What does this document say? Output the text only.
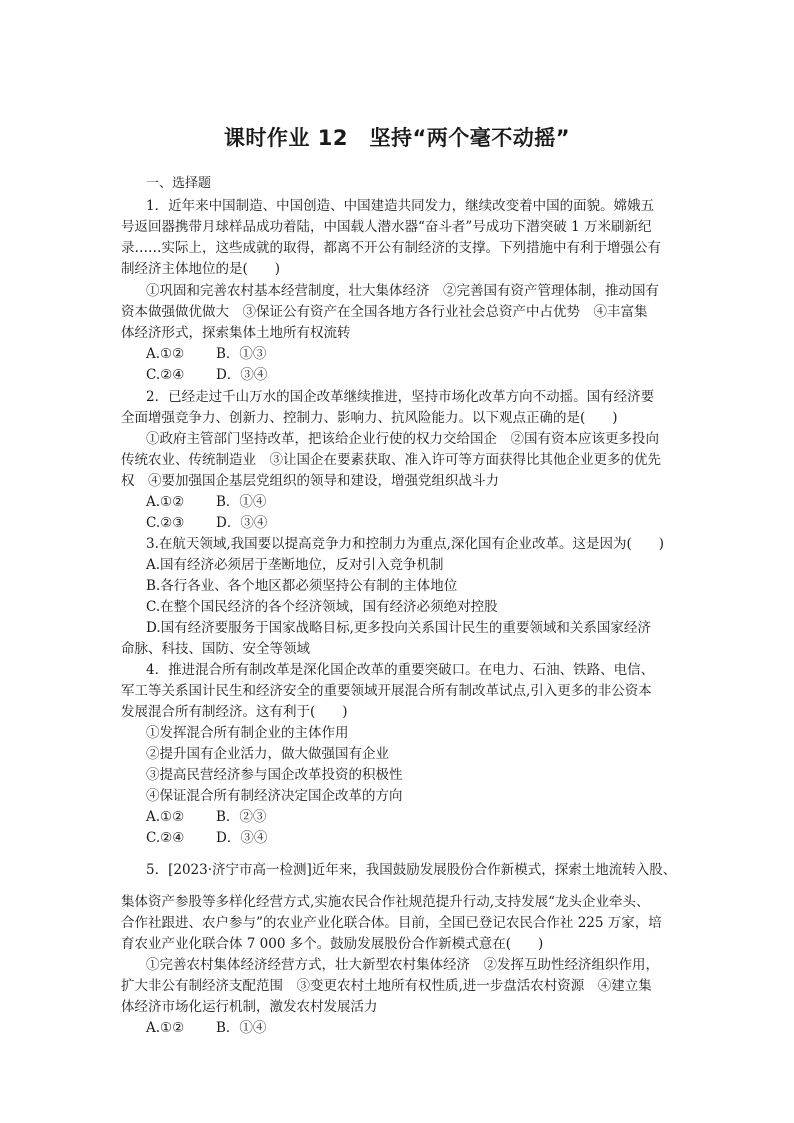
课时作业 12　坚持“两个毫不动摇”
一、选择题
1．近年来中国制造、中国创造、中国建造共同发力，继续改变着中国的面貌。嫦娥五
号返回器携带月球样品成功着陆，中国载人潜水器“奋斗者”号成功下潜突破 1 万米刷新纪
录……实际上，这些成就的取得，都离不开公有制经济的支撑。下列措施中有利于增强公有
制经济主体地位的是(　　)
①巩固和完善农村基本经营制度，壮大集体经济　②完善国有资产管理体制，推动国有
资本做强做优做大　③保证公有资产在全国各地方各行业社会总资产中占优势　④丰富集
体经济形式，探索集体土地所有权流转
A.①② B．①③
C.②④ D．③④
2．已经走过千山万水的国企改革继续推进，坚持市场化改革方向不动摇。国有经济要
全面增强竞争力、创新力、控制力、影响力、抗风险能力。以下观点正确的是(　　)
①政府主管部门坚持改革，把该给企业行使的权力交给国企　②国有资本应该更多投向
传统农业、传统制造业　③让国企在要素获取、准入许可等方面获得比其他企业更多的优先
权　④要加强国企基层党组织的领导和建设，增强党组织战斗力
A.①② B．①④
C.②③ D．③④
3.在航天领域,我国要以提高竞争力和控制力为重点,深化国有企业改革。这是因为(　　)
A.国有经济必须居于垄断地位，反对引入竞争机制
B.各行各业、各个地区都必须坚持公有制的主体地位
C.在整个国民经济的各个经济领域，国有经济必须绝对控股
D.国有经济要服务于国家战略目标,更多投向关系国计民生的重要领域和关系国家经济
命脉、科技、国防、安全等领域
4．推进混合所有制改革是深化国企改革的重要突破口。在电力、石油、铁路、电信、
军工等关系国计民生和经济安全的重要领域开展混合所有制改革试点,引入更多的非公资本
发展混合所有制经济。这有利于(　　)
①发挥混合所有制企业的主体作用
②提升国有企业活力，做大做强国有企业
③提高民营经济参与国企改革投资的积极性
④保证混合所有制经济决定国企改革的方向
A.①② B．②③
C.②④ D．③④
5．[2023·济宁市高一检测]近年来，我国鼓励发展股份合作新模式，探索土地流转入股、
集体资产参股等多样化经营方式,实施农民合作社规范提升行动,支持发展“龙头企业牵头、
合作社跟进、农户参与”的农业产业化联合体。目前，全国已登记农民合作社 225 万家，培
育农业产业化联合体 7 000 多个。鼓励发展股份合作新模式意在(　　)
①完善农村集体经济经营方式，壮大新型农村集体经济　②发挥互助性经济组织作用，
扩大非公有制经济支配范围　③变更农村土地所有权性质,进一步盘活农村资源　④建立集
体经济市场化运行机制，激发农村发展活力
A.①② B．①④
